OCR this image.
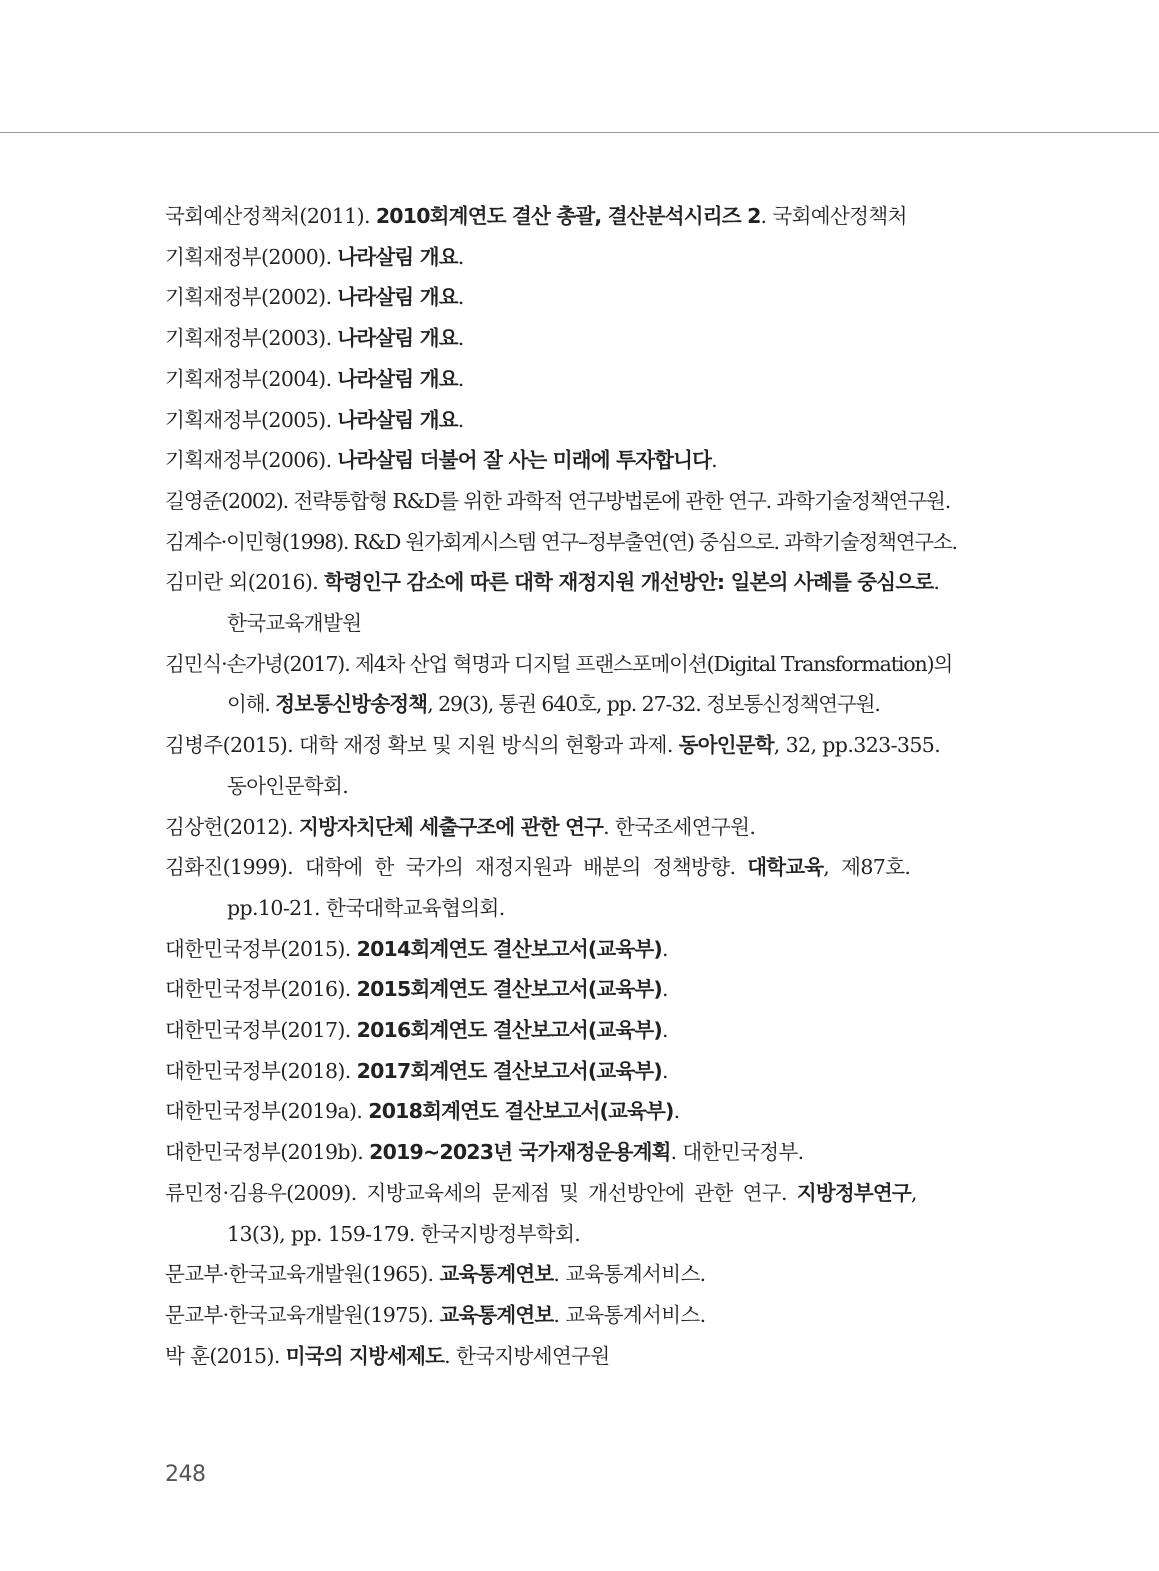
국회예산정책처(2011). 2010회계연도 결산 총괄, 결산분석시리즈 2. 국회예산정책처
기획재정부(2000). 나라살림 개요.
기획재정부(2002). 나라살림 개요.
기획재정부(2003). 나라살림 개요.
기획재정부(2004). 나라살림 개요.
기획재정부(2005). 나라살림 개요.
기획재정부(2006). 나라살림 더불어 잘 사는 미래에 투자합니다.
길영준(2002). 전략통합형 R&D를 위한 과학적 연구방법론에 관한 연구. 과학기술정책연구원.
김계수·이민형(1998). R&D 원가회계시스템 연구–정부출연(연) 중심으로. 과학기술정책연구소.
김미란 외(2016). 학령인구 감소에 따른 대학 재정지원 개선방안: 일본의 사례를 중심으로.
한국교육개발원
김민식·손가녕(2017). 제4차 산업 혁명과 디지털 프랜스포메이션(Digital Transformation)의
이해. 정보통신방송정책, 29(3), 통권 640호, pp. 27-32. 정보통신정책연구원.
김병주(2015). 대학 재정 확보 및 지원 방식의 현황과 과제. 동아인문학, 32, pp.323-355.
동아인문학회.
김상헌(2012). 지방자치단체 세출구조에 관한 연구. 한국조세연구원.
김화진(1999). 대학에 한 국가의 재정지원과 배분의 정책방향. 대학교육, 제87호.
pp.10-21. 한국대학교육협의회.
대한민국정부(2015). 2014회계연도 결산보고서(교육부).
대한민국정부(2016). 2015회계연도 결산보고서(교육부).
대한민국정부(2017). 2016회계연도 결산보고서(교육부).
대한민국정부(2018). 2017회계연도 결산보고서(교육부).
대한민국정부(2019a). 2018회계연도 결산보고서(교육부).
대한민국정부(2019b). 2019~2023년 국가재정운용계획. 대한민국정부.
류민정·김용우(2009). 지방교육세의 문제점 및 개선방안에 관한 연구. 지방정부연구,
13(3), pp. 159-179. 한국지방정부학회.
문교부·한국교육개발원(1965). 교육통계연보. 교육통계서비스.
문교부·한국교육개발원(1975). 교육통계연보. 교육통계서비스.
박 훈(2015). 미국의 지방세제도. 한국지방세연구원
248
